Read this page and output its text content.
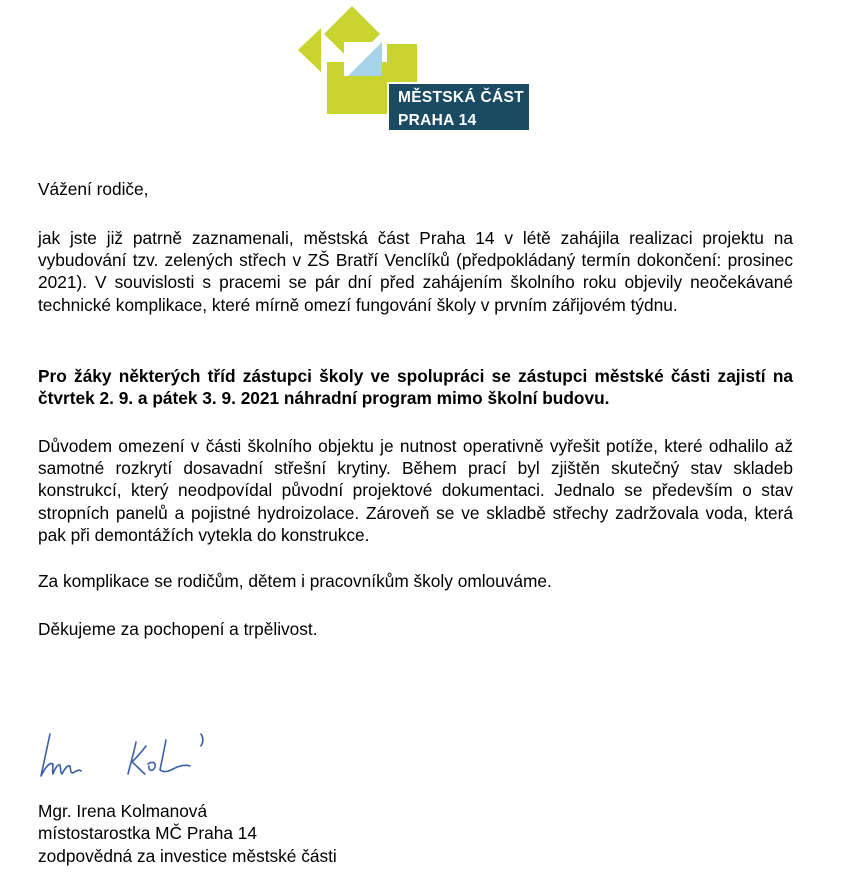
MĚSTSKÁ ČÁST
PRAHA 14

Vážení rodiče,

jak jste již patrně zaznamenali, městská část Praha 14 v létě zahájila realizaci projektu na vybudování tzv. zelených střech v ZŠ Bratří Venclíků (předpokládaný termín dokončení: prosinec 2021). V souvislosti s pracemi se pár dní před zahájením školního roku objevily neočekávané technické komplikace, které mírně omezí fungování školy v prvním zářijovém týdnu.

Pro žáky některých tříd zástupci školy ve spolupráci se zástupci městské části zajistí na čtvrtek 2. 9. a pátek 3. 9. 2021 náhradní program mimo školní budovu.

Důvodem omezení v části školního objektu je nutnost operativně vyřešit potíže, které odhalilo až samotné rozkrytí dosavadní střešní krytiny. Během prací byl zjištěn skutečný stav skladeb konstrukcí, který neodpovídal původní projektové dokumentaci. Jednalo se především o stav stropních panelů a pojistné hydroizolace. Zároveň se ve skladbě střechy zadržovala voda, která pak při demontážích vytekla do konstrukce.

Za komplikace se rodičům, dětem i pracovníkům školy omlouváme.

Děkujeme za pochopení a trpělivost.

Mgr. Irena Kolmanová
místostarostka MČ Praha 14
zodpovědná za investice městské části
